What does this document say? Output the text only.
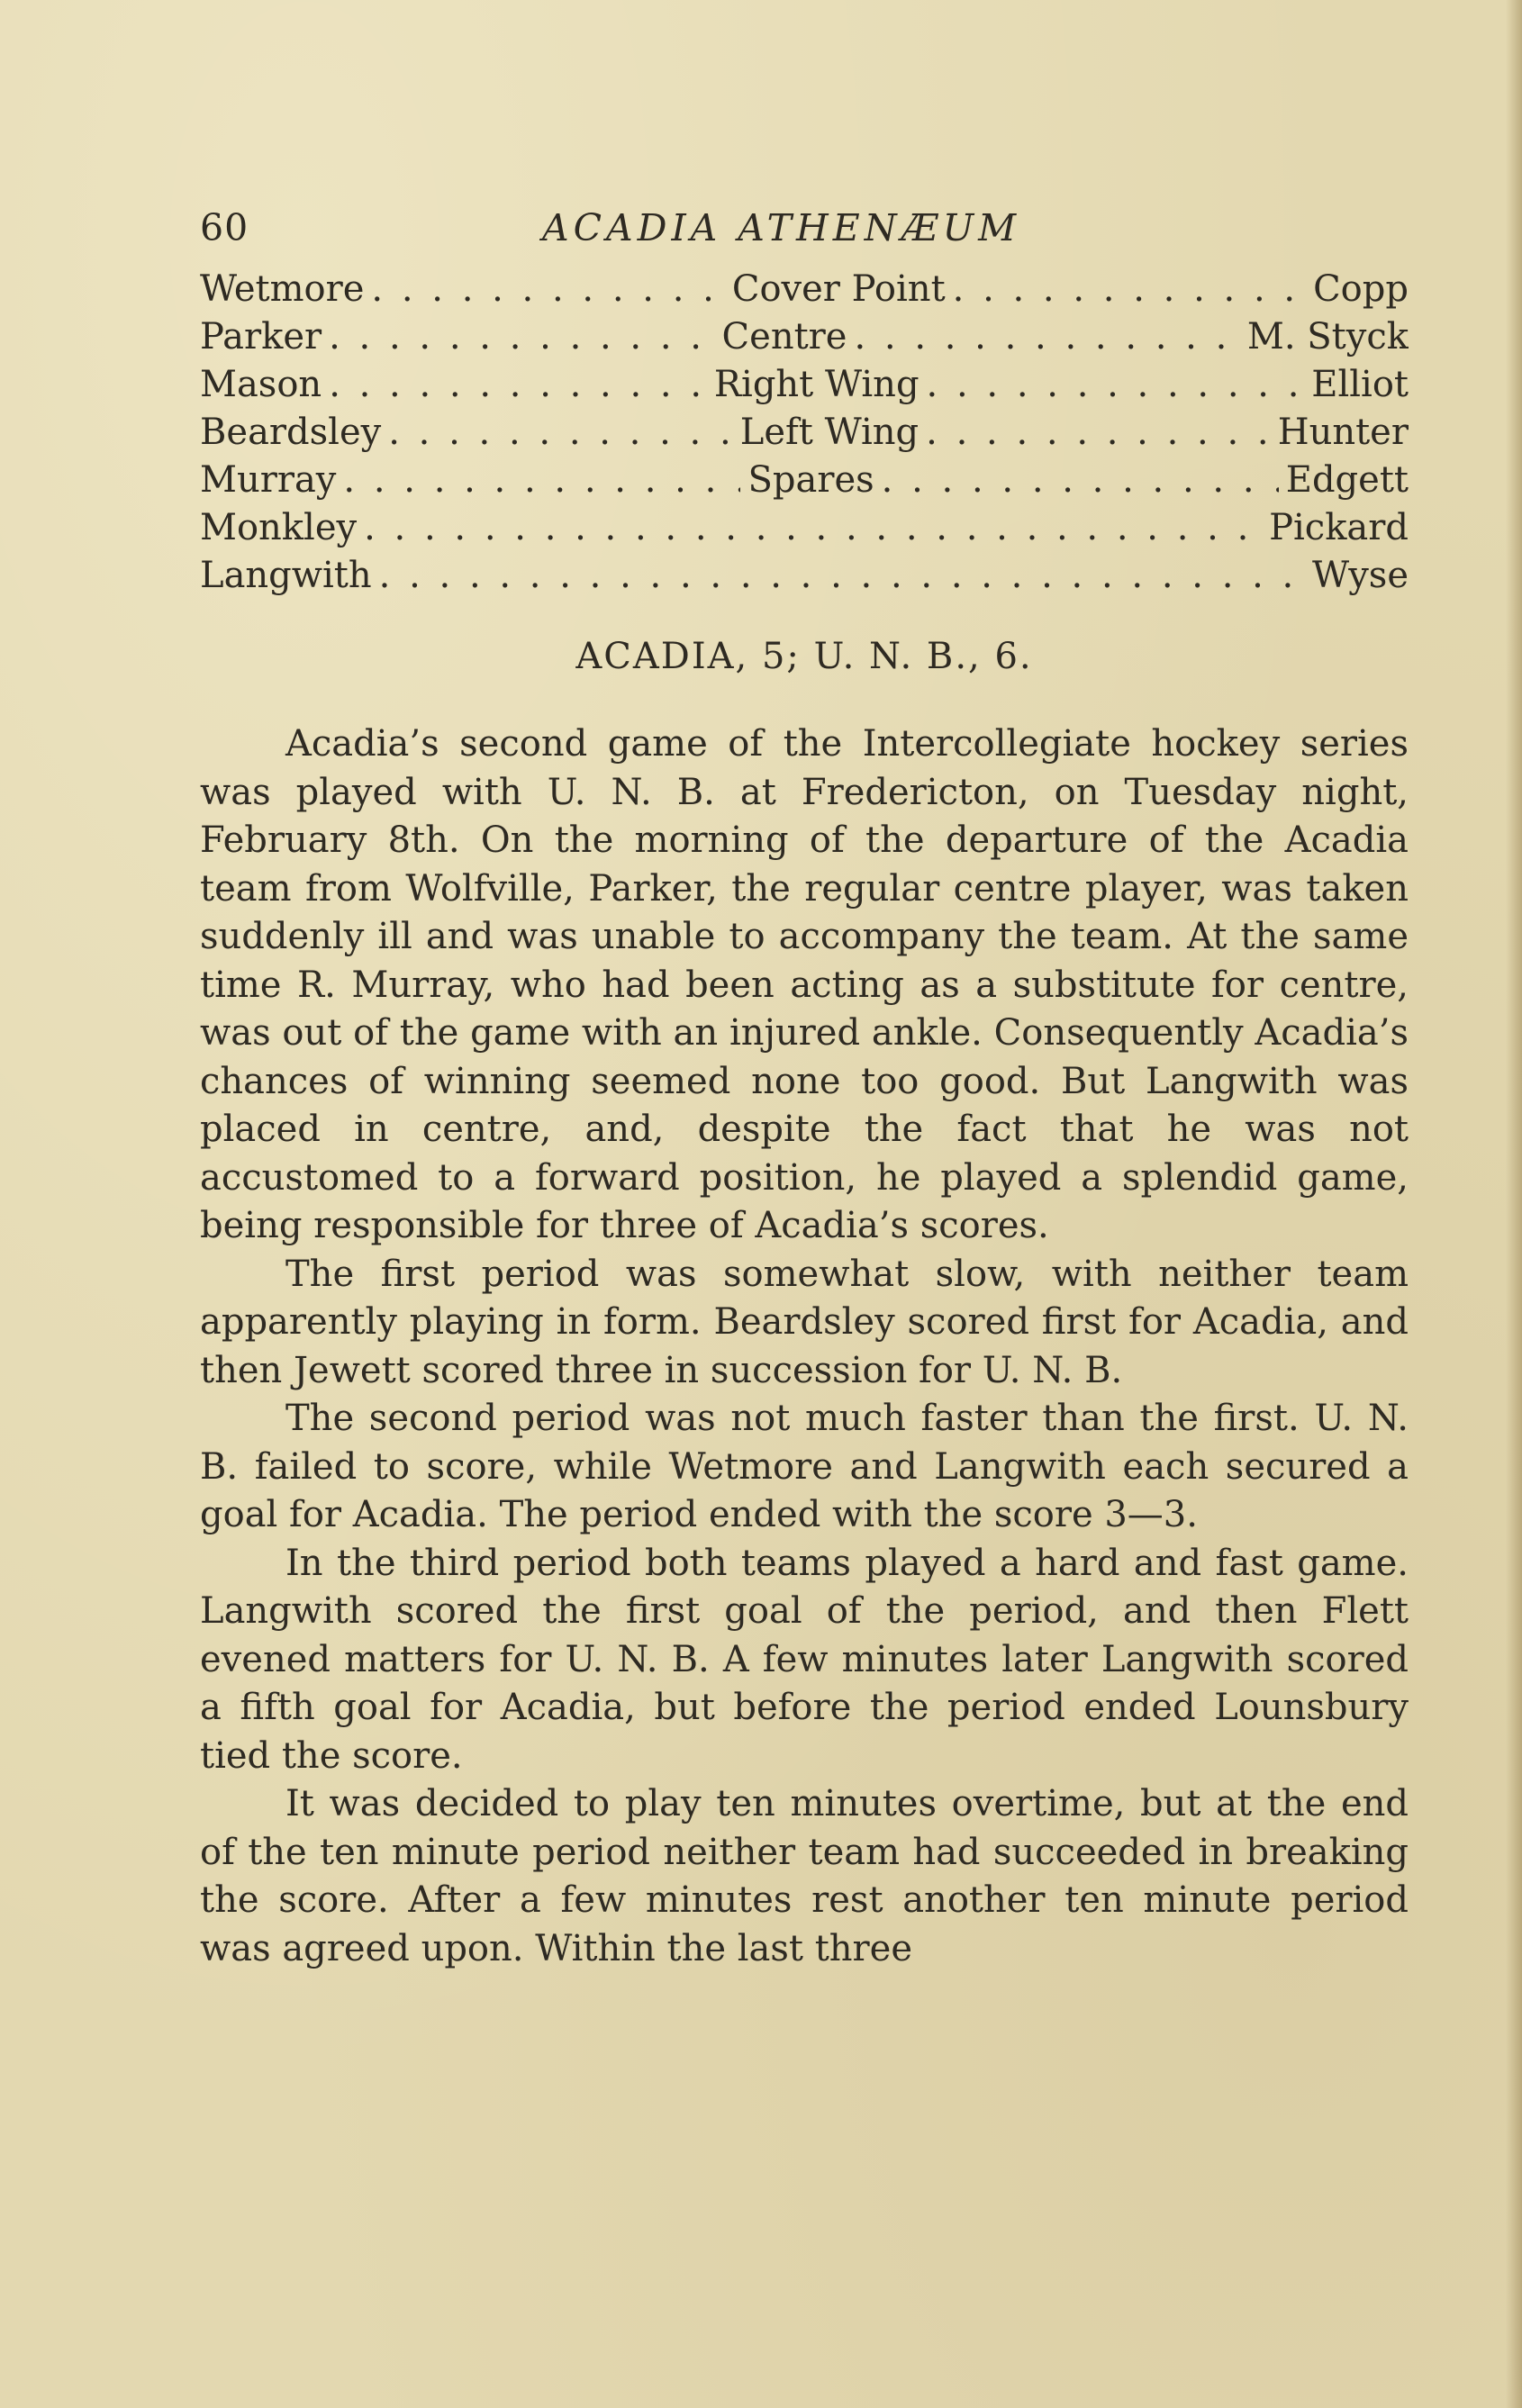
60	ACADIA ATHENÆUM
Wetmore . . .	Cover Point . . .	Copp
Parker . . .	Centre . . .	M. Styck
Mason . . .	Right Wing . . .	Elliot
Beardsley . . .	Left Wing . . .	Hunter
Murray . . .	Spares . . .	Edgett
Monkley . . .	Pickard
Langwith . . .	Wyse
ACADIA, 5; U. N. B., 6.

Acadia’s second game of the Intercollegiate hockey series was played with U. N. B. at Fredericton, on Tuesday night, February 8th. On the morning of the departure of the Acadia team from Wolfville, Parker, the regular centre player, was taken suddenly ill and was unable to accompany the team. At the same time R. Murray, who had been acting as a substitute for centre, was out of the game with an injured ankle. Consequently Acadia’s chances of winning seemed none too good. But Langwith was placed in centre, and, despite the fact that he was not accustomed to a forward position, he played a splendid game, being responsible for three of Acadia’s scores.

The first period was somewhat slow, with neither team apparently playing in form. Beardsley scored first for Acadia, and then Jewett scored three in succession for U. N. B.

The second period was not much faster than the first. U. N. B. failed to score, while Wetmore and Langwith each secured a goal for Acadia. The period ended with the score 3—3.

In the third period both teams played a hard and fast game. Langwith scored the first goal of the period, and then Flett evened matters for U. N. B. A few minutes later Langwith scored a fifth goal for Acadia, but before the period ended Lounsbury tied the score.

It was decided to play ten minutes overtime, but at the end of the ten minute period neither team had succeeded in breaking the score. After a few minutes rest another ten minute period was agreed upon. Within the last three
